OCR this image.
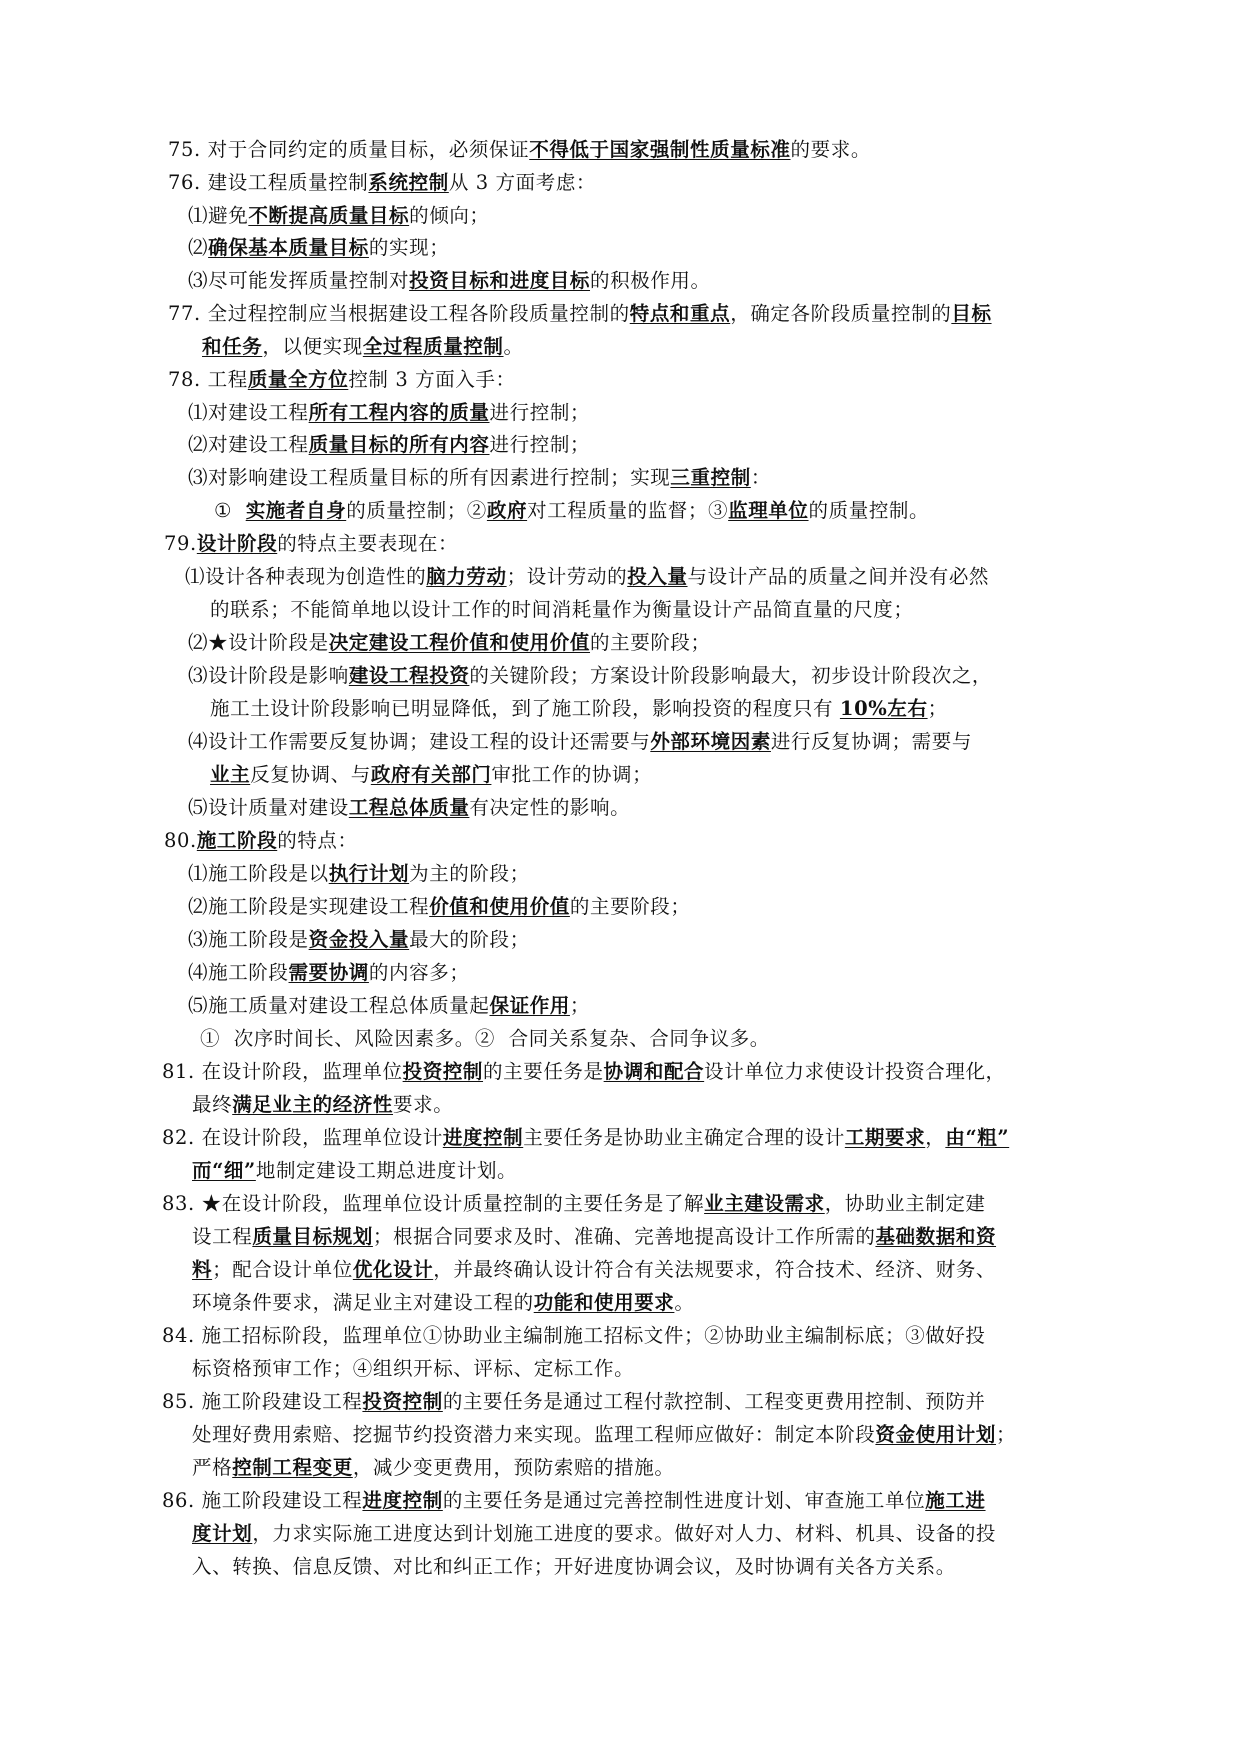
75. 对于合同约定的质量目标，必须保证不得低于国家强制性质量标准的要求。
76. 建设工程质量控制系统控制从 3 方面考虑：
⑴避免不断提高质量目标的倾向；
⑵确保基本质量目标的实现；
⑶尽可能发挥质量控制对投资目标和进度目标的积极作用。
77. 全过程控制应当根据建设工程各阶段质量控制的特点和重点，确定各阶段质量控制的目标
和任务，以便实现全过程质量控制。
78. 工程质量全方位控制 3 方面入手：
⑴对建设工程所有工程内容的质量进行控制；
⑵对建设工程质量目标的所有内容进行控制；
⑶对影响建设工程质量目标的所有因素进行控制；实现三重控制：
①  实施者自身的质量控制；②政府对工程质量的监督；③监理单位的质量控制。
79.设计阶段的特点主要表现在：
⑴设计各种表现为创造性的脑力劳动；设计劳动的投入量与设计产品的质量之间并没有必然
的联系；不能简单地以设计工作的时间消耗量作为衡量设计产品简直量的尺度；
⑵★设计阶段是决定建设工程价值和使用价值的主要阶段；
⑶设计阶段是影响建设工程投资的关键阶段；方案设计阶段影响最大，初步设计阶段次之，
施工土设计阶段影响已明显降低，到了施工阶段，影响投资的程度只有 10%左右；
⑷设计工作需要反复协调；建设工程的设计还需要与外部环境因素进行反复协调；需要与
业主反复协调、与政府有关部门审批工作的协调；
⑸设计质量对建设工程总体质量有决定性的影响。
80.施工阶段的特点：
⑴施工阶段是以执行计划为主的阶段；
⑵施工阶段是实现建设工程价值和使用价值的主要阶段；
⑶施工阶段是资金投入量最大的阶段；
⑷施工阶段需要协调的内容多；
⑸施工质量对建设工程总体质量起保证作用；
①  次序时间长、风险因素多。②  合同关系复杂、合同争议多。
81. 在设计阶段，监理单位投资控制的主要任务是协调和配合设计单位力求使设计投资合理化，
最终满足业主的经济性要求。
82. 在设计阶段，监理单位设计进度控制主要任务是协助业主确定合理的设计工期要求，由“粗”
而“细”地制定建设工期总进度计划。
83. ★在设计阶段，监理单位设计质量控制的主要任务是了解业主建设需求，协助业主制定建
设工程质量目标规划；根据合同要求及时、准确、完善地提高设计工作所需的基础数据和资
料；配合设计单位优化设计，并最终确认设计符合有关法规要求，符合技术、经济、财务、
环境条件要求，满足业主对建设工程的功能和使用要求。
84. 施工招标阶段，监理单位①协助业主编制施工招标文件；②协助业主编制标底；③做好投
标资格预审工作；④组织开标、评标、定标工作。
85. 施工阶段建设工程投资控制的主要任务是通过工程付款控制、工程变更费用控制、预防并
处理好费用索赔、挖掘节约投资潜力来实现。监理工程师应做好：制定本阶段资金使用计划；
严格控制工程变更，减少变更费用，预防索赔的措施。
86. 施工阶段建设工程进度控制的主要任务是通过完善控制性进度计划、审查施工单位施工进
度计划，力求实际施工进度达到计划施工进度的要求。做好对人力、材料、机具、设备的投
入、转换、信息反馈、对比和纠正工作；开好进度协调会议，及时协调有关各方关系。
